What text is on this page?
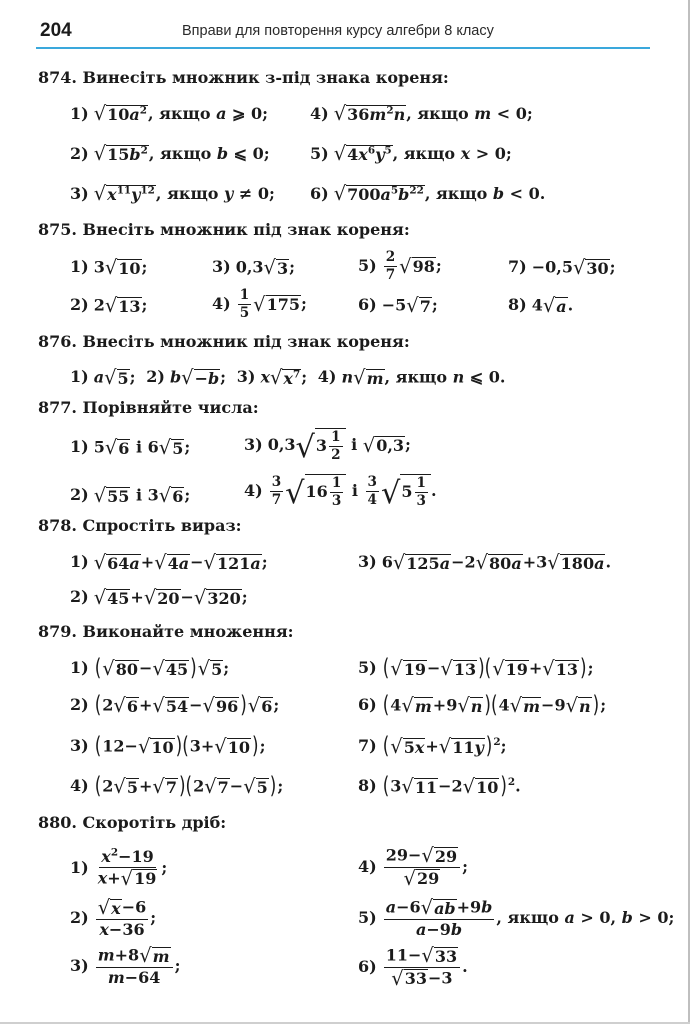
204	Вправи для повторення курсу алгебри 8 класу
874. Винесіть множник з-під знака кореня:
1) √ $10a^2$ , якщо a ⩾ 0;	4) √ $36m^2n$ , якщо m < 0;
2) √ $15b^2$ , якщо b ⩽ 0;	5) √ $4x^6y^5$ , якщо x > 0;
3) √ $x^{11}y^{12}$ , якщо y ≠ 0; 6) √ $700a^5b^{22}$ , якщо b < 0.
875. Внесіть множник під знак кореня:
1) 3 √ 10 ;	3) 0,3 √ 3 ;	$5) \frac{2}{7}$ √ 98 ;	7) −0,5 √ 30 ;
2) 2 √ 13 ;	$4) \frac{1}{5}$ √ 175 ;	6) −5 √ 7 ;	8) 4 √ a .
876. Внесіть множник під знак кореня:
1) a √ 5 ;  2) b √ −b ;  3) x √ $x^7$ ;  4) n √ m , якщо n ⩽ 0.
877. Порівняйте числа:
1) 5 √ 6 і 6 √ 5 ;	3) 0,3 √ $3 \frac{1}{2}$ і √ 0,3 ;
2) √ 55 і 3 √ 6 ;	$4) \frac{3}{7}$ √ $16 \frac{1}{3}$ і $\frac{3}{4}$ √ $5 \frac{1}{3}$ .
878. Спростіть вираз:
1) √ 64a + √ 4a − √ 121a ;	3) 6 √ 125a −2 √ 80a +3 √ 180a .
2) √ 45 + √ 20 − √ 320 ;
879. Виконайте множення:
1) ( √ 80 − √ 45 ) √ 5 ;	5) ( √ 19 − √ 13 )( √ 19 + √ 13 );
2) (2 √ 6 + √ 54 − √ 96 ) √ 6 ;	6) (4 √ m +9 √ n )(4 √ m −9 √ n );
3) (12− √ 10 )(3+ √ 10 );	7) ( √ 5x + √ 11y )$^2$;
4) (2 √ 5 + √ 7 )(2 √ 7 − √ 5 );	8) (3 √ 11 −2 √ 10 )$^2$.
880. Скоротіть дріб:
1)
$x^2-19$
x+ √ 19
;	4)
29− √ 29
√ 29
;
2) √ x −6
x−36
;	5)
a−6 √ ab +9b
a−9b
, якщо a > 0, b > 0;
3)
m+8 √ m
m−64
;	6)
11− √ 33
√ 33 −3
.
